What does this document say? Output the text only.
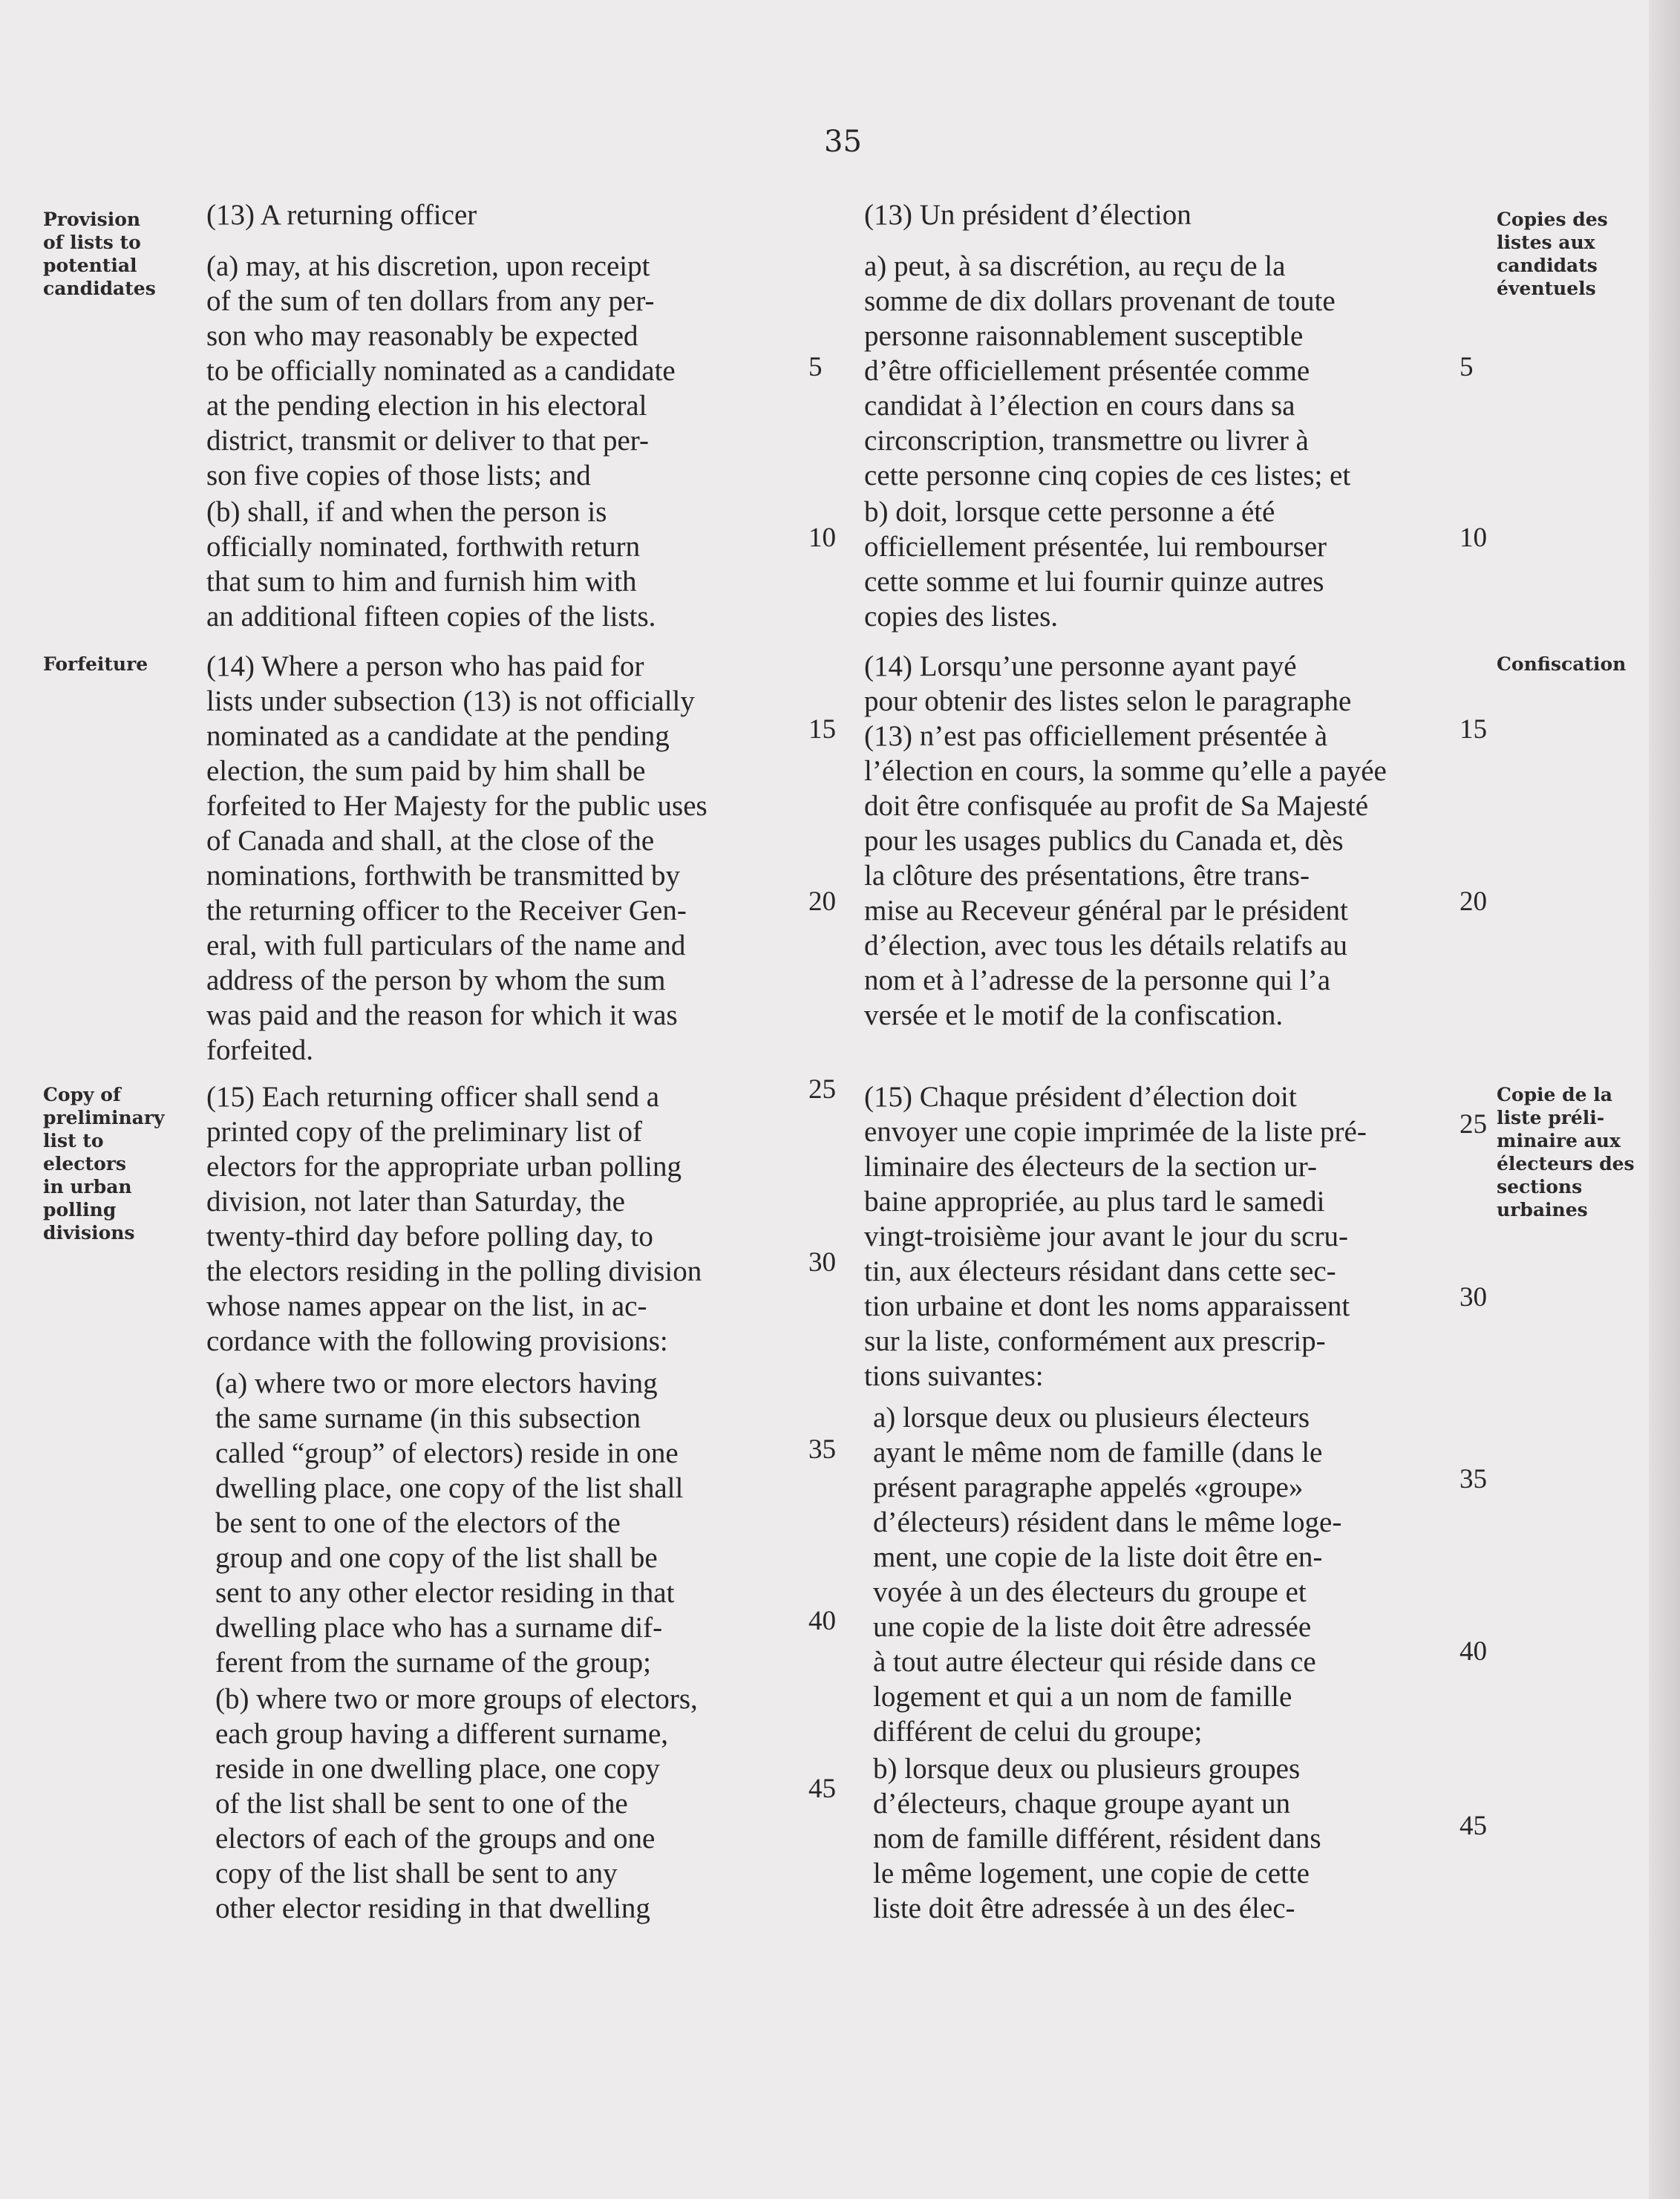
35
Provision
of lists to
potential
candidates
Forfeiture
Copy of
preliminary
list to
electors
in urban
polling
divisions
Copies des
listes aux
candidats
éventuels
Confiscation
Copie de la
liste préli-
minaire aux
électeurs des
sections
urbaines
(13) A returning officer
(a) may, at his discretion, upon receipt
of the sum of ten dollars from any per-
son who may reasonably be expected
to be officially nominated as a candidate
at the pending election in his electoral
district, transmit or deliver to that per-
son five copies of those lists; and
(b) shall, if and when the person is
officially nominated, forthwith return
that sum to him and furnish him with
an additional fifteen copies of the lists.
(14) Where a person who has paid for
lists under subsection (13) is not officially
nominated as a candidate at the pending
election, the sum paid by him shall be
forfeited to Her Majesty for the public uses
of Canada and shall, at the close of the
nominations, forthwith be transmitted by
the returning officer to the Receiver Gen-
eral, with full particulars of the name and
address of the person by whom the sum
was paid and the reason for which it was
forfeited.
(15) Each returning officer shall send a
printed copy of the preliminary list of
electors for the appropriate urban polling
division, not later than Saturday, the
twenty-third day before polling day, to
the electors residing in the polling division
whose names appear on the list, in ac-
cordance with the following provisions:
(a) where two or more electors having
the same surname (in this subsection
called “group” of electors) reside in one
dwelling place, one copy of the list shall
be sent to one of the electors of the
group and one copy of the list shall be
sent to any other elector residing in that
dwelling place who has a surname dif-
ferent from the surname of the group;
(b) where two or more groups of electors,
each group having a different surname,
reside in one dwelling place, one copy
of the list shall be sent to one of the
electors of each of the groups and one
copy of the list shall be sent to any
other elector residing in that dwelling
5
10
15
20
25
30
35
40
45
(13) Un président d’élection
a) peut, à sa discrétion, au reçu de la
somme de dix dollars provenant de toute
personne raisonnablement susceptible
d’être officiellement présentée comme
candidat à l’élection en cours dans sa
circonscription, transmettre ou livrer à
cette personne cinq copies de ces listes; et
b) doit, lorsque cette personne a été
officiellement présentée, lui rembourser
cette somme et lui fournir quinze autres
copies des listes.
(14) Lorsqu’une personne ayant payé
pour obtenir des listes selon le paragraphe
(13) n’est pas officiellement présentée à
l’élection en cours, la somme qu’elle a payée
doit être confisquée au profit de Sa Majesté
pour les usages publics du Canada et, dès
la clôture des présentations, être trans-
mise au Receveur général par le président
d’élection, avec tous les détails relatifs au
nom et à l’adresse de la personne qui l’a
versée et le motif de la confiscation.
(15) Chaque président d’élection doit
envoyer une copie imprimée de la liste pré-
liminaire des électeurs de la section ur-
baine appropriée, au plus tard le samedi
vingt-troisième jour avant le jour du scru-
tin, aux électeurs résidant dans cette sec-
tion urbaine et dont les noms apparaissent
sur la liste, conformément aux prescrip-
tions suivantes:
a) lorsque deux ou plusieurs électeurs
ayant le même nom de famille (dans le
présent paragraphe appelés «groupe»
d’électeurs) résident dans le même loge-
ment, une copie de la liste doit être en-
voyée à un des électeurs du groupe et
une copie de la liste doit être adressée
à tout autre électeur qui réside dans ce
logement et qui a un nom de famille
différent de celui du groupe;
b) lorsque deux ou plusieurs groupes
d’électeurs, chaque groupe ayant un
nom de famille différent, résident dans
le même logement, une copie de cette
liste doit être adressée à un des élec-
5
10
15
20
25
30
35
40
45
